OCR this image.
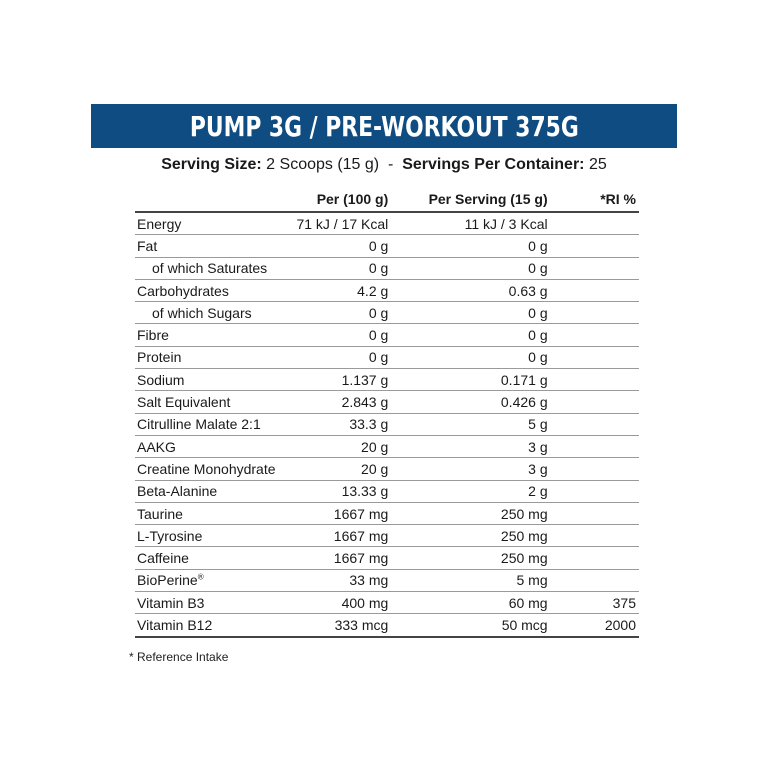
PUMP 3G / PRE-WORKOUT 375G
Serving Size: 2 Scoops (15 g) - Servings Per Container: 25
	Per (100 g)	Per Serving (15 g)	*RI %
Energy	71 kJ / 17 Kcal	11 kJ / 3 Kcal	
Fat	0 g	0 g	
of which Saturates	0 g	0 g	
Carbohydrates	4.2 g	0.63 g	
of which Sugars	0 g	0 g	
Fibre	0 g	0 g	
Protein	0 g	0 g	
Sodium	1.137 g	0.171 g	
Salt Equivalent	2.843 g	0.426 g	
Citrulline Malate 2:1	33.3 g	5 g	
AAKG	20 g	3 g	
Creatine Monohydrate	20 g	3 g	
Beta-Alanine	13.33 g	2 g	
Taurine	1667 mg	250 mg	
L-Tyrosine	1667 mg	250 mg	
Caffeine	1667 mg	250 mg	
BioPerine®	33 mg	5 mg	
Vitamin B3	400 mg	60 mg	375
Vitamin B12	333 mcg	50 mcg	2000
* Reference Intake
